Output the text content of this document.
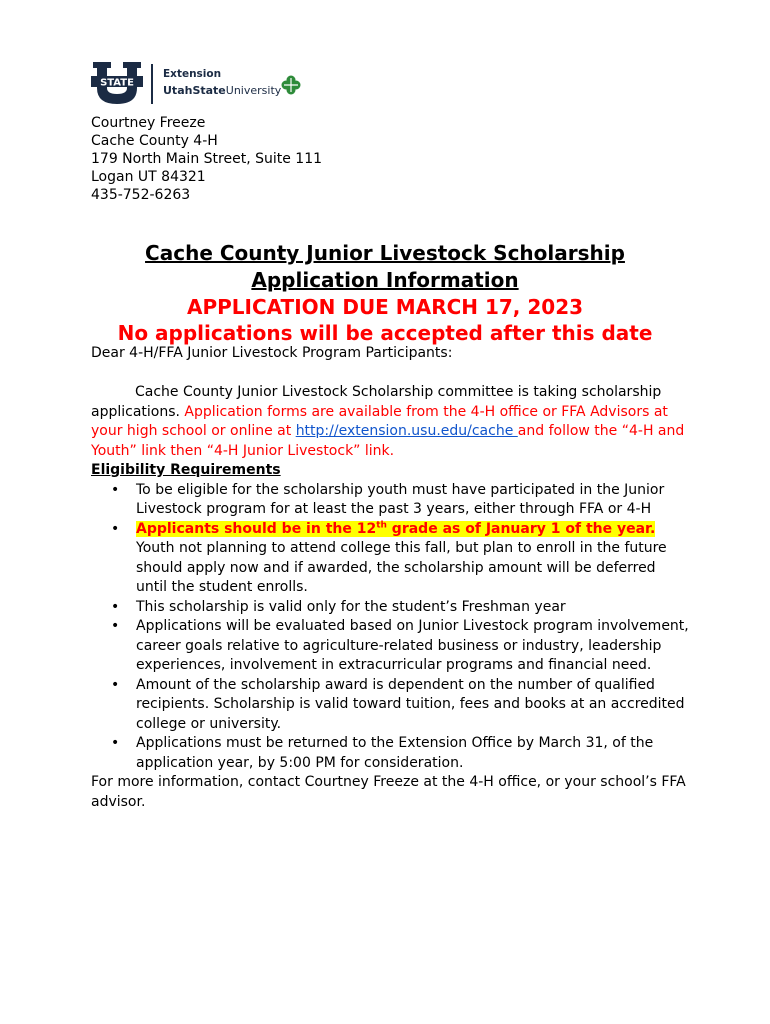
STATE
Extension
UtahStateUniversity
Courtney Freeze
Cache County 4-H
179 North Main Street, Suite 111
Logan UT 84321
435-752-6263
Cache County Junior Livestock Scholarship
Application Information
APPLICATION DUE MARCH 17, 2023
No applications will be accepted after this date

Dear 4-H/FFA Junior Livestock Program Participants:

Cache County Junior Livestock Scholarship committee is taking scholarship applications. Application forms are available from the 4-H office or FFA Advisors at your high school or online at http://extension.usu.edu/cache and follow the “4-H and Youth” link then “4-H Junior Livestock” link.

Eligibility Requirements

• To be eligible for the scholarship youth must have participated in the Junior Livestock program for at least the past 3 years, either through FFA or 4-H
• Applicants should be in the 12th grade as of January 1 of the year. Youth not planning to attend college this fall, but plan to enroll in the future should apply now and if awarded, the scholarship amount will be deferred until the student enrolls.
• This scholarship is valid only for the student’s Freshman year
• Applications will be evaluated based on Junior Livestock program involvement, career goals relative to agriculture-related business or industry, leadership experiences, involvement in extracurricular programs and financial need.
• Amount of the scholarship award is dependent on the number of qualified recipients. Scholarship is valid toward tuition, fees and books at an accredited college or university.
• Applications must be returned to the Extension Office by March 31, of the application year, by 5:00 PM for consideration.

For more information, contact Courtney Freeze at the 4-H office, or your school’s FFA advisor.
